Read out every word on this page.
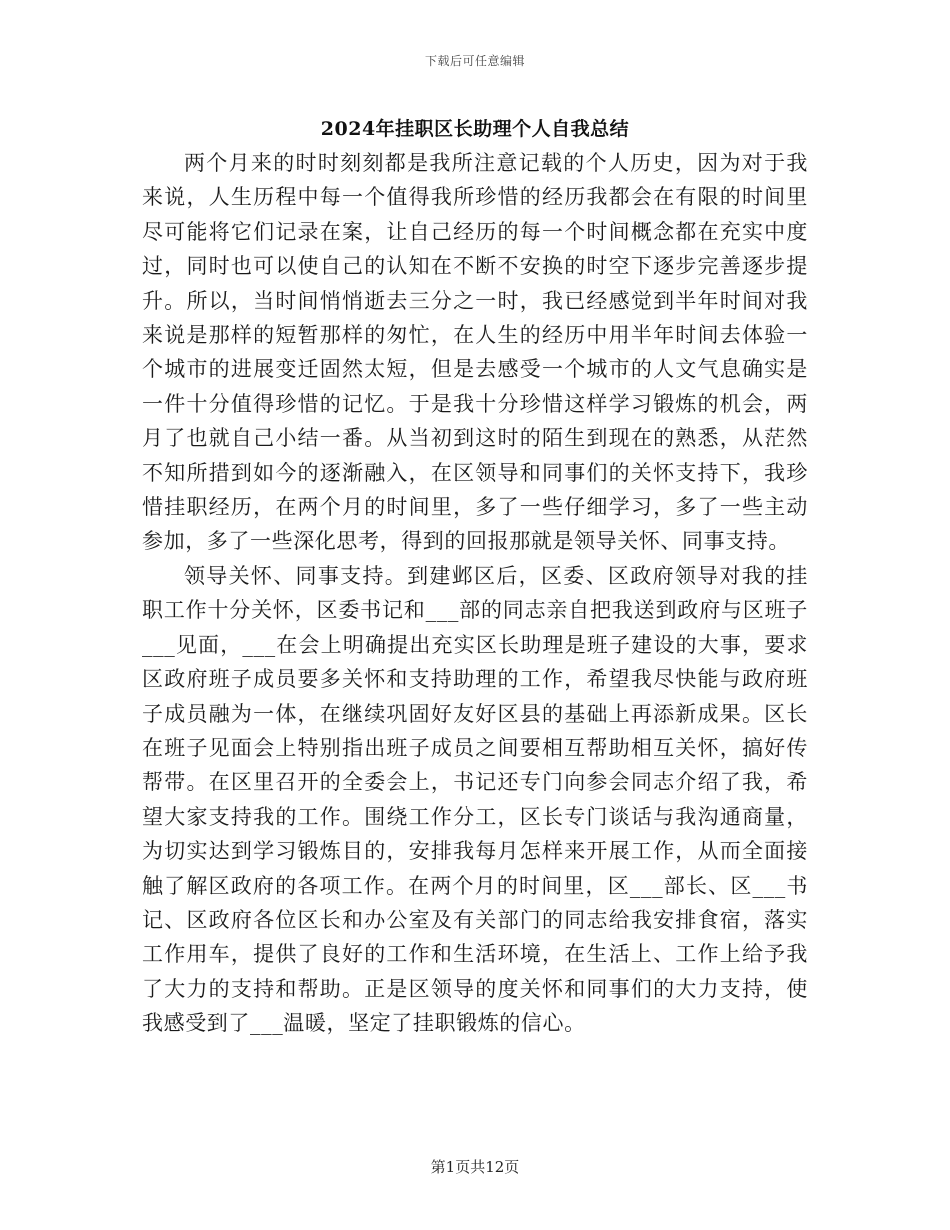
下载后可任意编辑
2024年挂职区长助理个人自我总结

两个月来的时时刻刻都是我所注意记载的个人历史，因为对于我来说，人生历程中每一个值得我所珍惜的经历我都会在有限的时间里尽可能将它们记录在案，让自己经历的每一个时间概念都在充实中度过，同时也可以使自己的认知在不断不安换的时空下逐步完善逐步提升。所以，当时间悄悄逝去三分之一时，我已经感觉到半年时间对我来说是那样的短暂那样的匆忙，在人生的经历中用半年时间去体验一个城市的进展变迁固然太短，但是去感受一个城市的人文气息确实是一件十分值得珍惜的记忆。于是我十分珍惜这样学习锻炼的机会，两月了也就自己小结一番。从当初到这时的陌生到现在的熟悉，从茫然不知所措到如今的逐渐融入，在区领导和同事们的关怀支持下，我珍惜挂职经历，在两个月的时间里，多了一些仔细学习，多了一些主动参加，多了一些深化思考，得到的回报那就是领导关怀、同事支持。

领导关怀、同事支持。到建邺区后，区委、区政府领导对我的挂职工作十分关怀，区委书记和___部的同志亲自把我送到政府与区班子___见面，___在会上明确提出充实区长助理是班子建设的大事，要求区政府班子成员要多关怀和支持助理的工作，希望我尽快能与政府班子成员融为一体，在继续巩固好友好区县的基础上再添新成果。区长在班子见面会上特别指出班子成员之间要相互帮助相互关怀，搞好传帮带。在区里召开的全委会上，书记还专门向参会同志介绍了我，希望大家支持我的工作。围绕工作分工，区长专门谈话与我沟通商量，为切实达到学习锻炼目的，安排我每月怎样来开展工作，从而全面接触了解区政府的各项工作。在两个月的时间里，区___部长、区___书记、区政府各位区长和办公室及有关部门的同志给我安排食宿，落实工作用车，提供了良好的工作和生活环境，在生活上、工作上给予我了大力的支持和帮助。正是区领导的度关怀和同事们的大力支持，使我感受到了___温暖，坚定了挂职锻炼的信心。

第1页共12页
